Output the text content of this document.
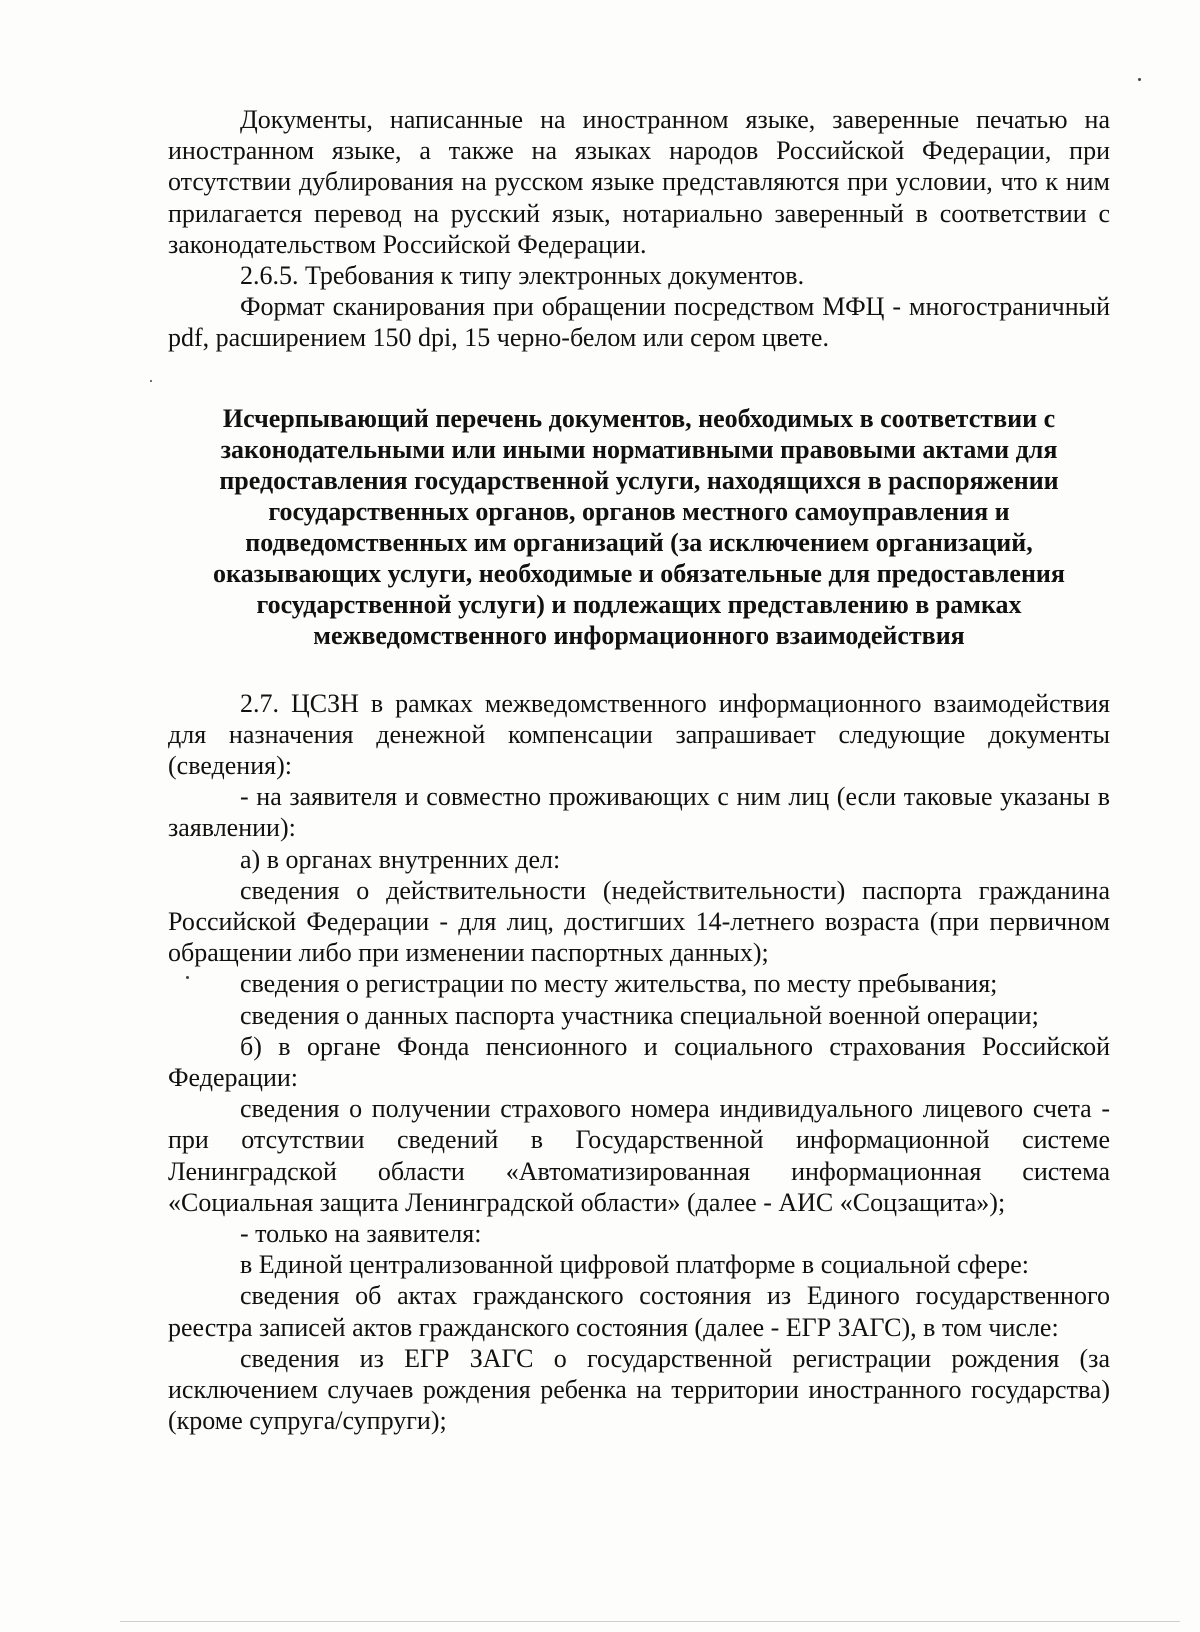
Документы, написанные на иностранном языке, заверенные печатью на иностранном языке, а также на языках народов Российской Федерации, при отсутствии дублирования на русском языке представляются при условии, что к ним прилагается перевод на русский язык, нотариально заверенный в соответствии с законодательством Российской Федерации.

2.6.5. Требования к типу электронных документов.

Формат сканирования при обращении посредством МФЦ - многостраничный pdf, расширением 150 dpi, 15 черно-белом или сером цвете.

Исчерпывающий перечень документов, необходимых в соответствии с законодательными или иными нормативными правовыми актами для предоставления государственной услуги, находящихся в распоряжении государственных органов, органов местного самоуправления и подведомственных им организаций (за исключением организаций, оказывающих услуги, необходимые и обязательные для предоставления государственной услуги) и подлежащих представлению в рамках межведомственного информационного взаимодействия

2.7. ЦСЗН в рамках межведомственного информационного взаимодействия для назначения денежной компенсации запрашивает следующие документы (сведения):

- на заявителя и совместно проживающих с ним лиц (если таковые указаны в заявлении):

а) в органах внутренних дел:

сведения о действительности (недействительности) паспорта гражданина Российской Федерации - для лиц, достигших 14-летнего возраста (при первичном обращении либо при изменении паспортных данных);

сведения о регистрации по месту жительства, по месту пребывания;

сведения о данных паспорта участника специальной военной операции;

б) в органе Фонда пенсионного и социального страхования Российской Федерации:

сведения о получении страхового номера индивидуального лицевого счета - при отсутствии сведений в Государственной информационной системе Ленинградской области «Автоматизированная информационная система «Социальная защита Ленинградской области» (далее - АИС «Соцзащита»);

- только на заявителя:

в Единой централизованной цифровой платформе в социальной сфере:

сведения об актах гражданского состояния из Единого государственного реестра записей актов гражданского состояния (далее - ЕГР ЗАГС), в том числе:

сведения из ЕГР ЗАГС о государственной регистрации рождения (за исключением случаев рождения ребенка на территории иностранного государства) (кроме супруга/супруги);
